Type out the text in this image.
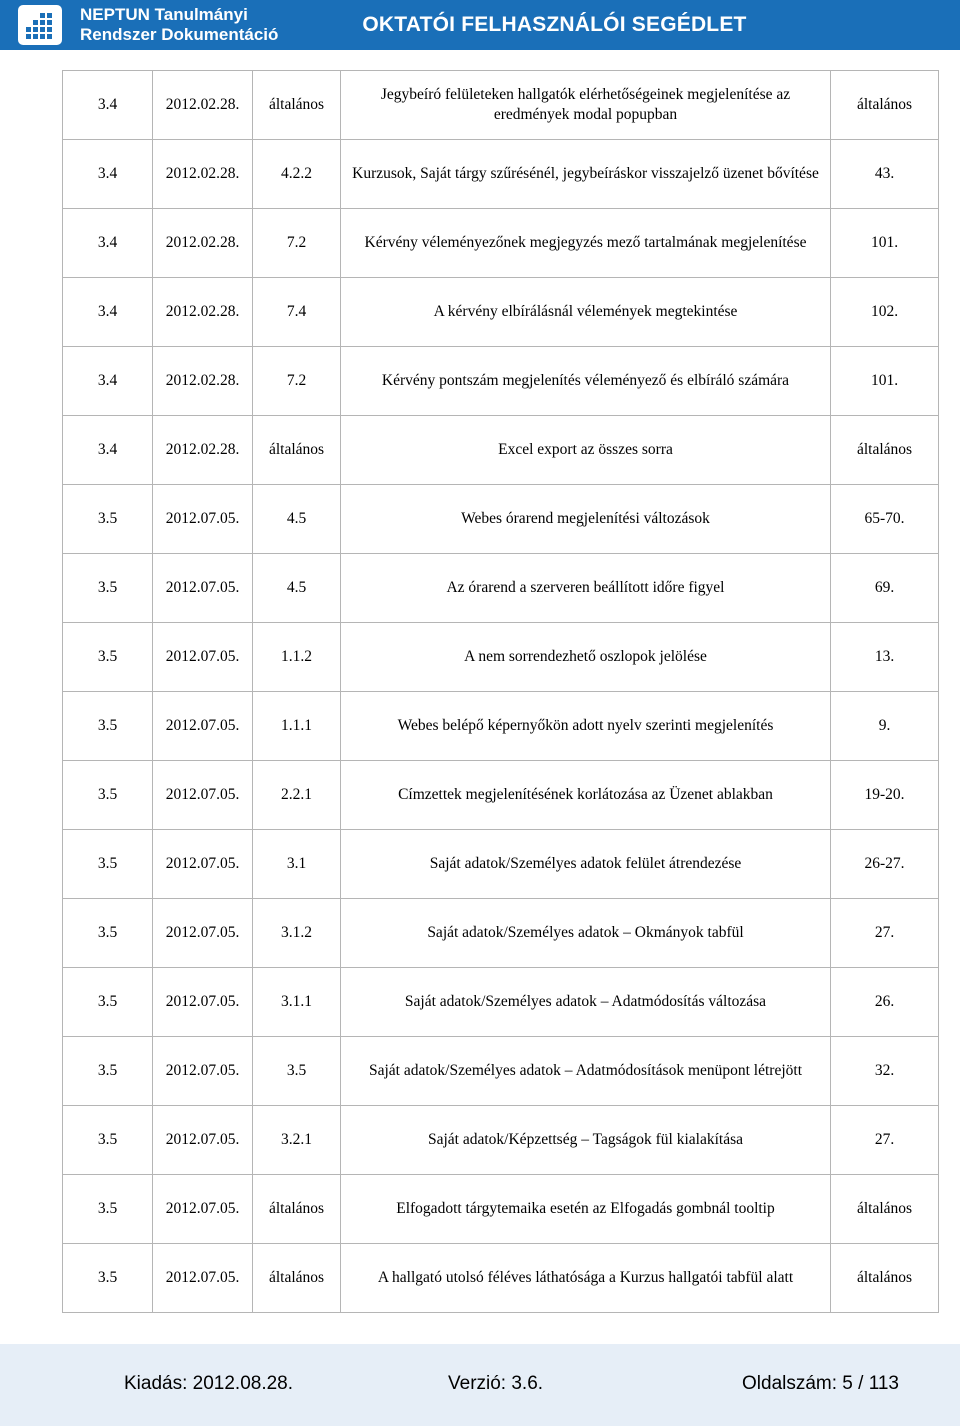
NEPTUN Tanulmányi
Rendszer Dokumentáció	OKTATÓI FELHASZNÁLÓI SEGÉDLET
3.4	2012.02.28.	általános	Jegybeíró felületeken hallgatók elérhetőségeinek megjelenítése az eredmények modal popupban	általános
3.4	2012.02.28.	4.2.2	Kurzusok, Saját tárgy szűrésénél, jegybeíráskor visszajelző üzenet bővítése	43.
3.4	2012.02.28.	7.2	Kérvény véleményezőnek megjegyzés mező tartalmának megjelenítése	101.
3.4	2012.02.28.	7.4	A kérvény elbírálásnál vélemények megtekintése	102.
3.4	2012.02.28.	7.2	Kérvény pontszám megjelenítés véleményező és elbíráló számára	101.
3.4	2012.02.28.	általános	Excel export az összes sorra	általános
3.5	2012.07.05.	4.5	Webes órarend megjelenítési változások	65-70.
3.5	2012.07.05.	4.5	Az órarend a szerveren beállított időre figyel	69.
3.5	2012.07.05.	1.1.2	A nem sorrendezhető oszlopok jelölése	13.
3.5	2012.07.05.	1.1.1	Webes belépő képernyőkön adott nyelv szerinti megjelenítés	9.
3.5	2012.07.05.	2.2.1	Címzettek megjelenítésének korlátozása az Üzenet ablakban	19-20.
3.5	2012.07.05.	3.1	Saját adatok/Személyes adatok felület átrendezése	26-27.
3.5	2012.07.05.	3.1.2	Saját adatok/Személyes adatok – Okmányok tabfül	27.
3.5	2012.07.05.	3.1.1	Saját adatok/Személyes adatok – Adatmódosítás változása	26.
3.5	2012.07.05.	3.5	Saját adatok/Személyes adatok – Adatmódosítások menüpont létrejött	32.
3.5	2012.07.05.	3.2.1	Saját adatok/Képzettség – Tagságok fül kialakítása	27.
3.5	2012.07.05.	általános	Elfogadott tárgytemaika esetén az Elfogadás gombnál tooltip	általános
3.5	2012.07.05.	általános	A hallgató utolsó féléves láthatósága a Kurzus hallgatói tabfül alatt	általános
Kiadás: 2012.08.28.	Verzió: 3.6.	Oldalszám: 5 / 113
